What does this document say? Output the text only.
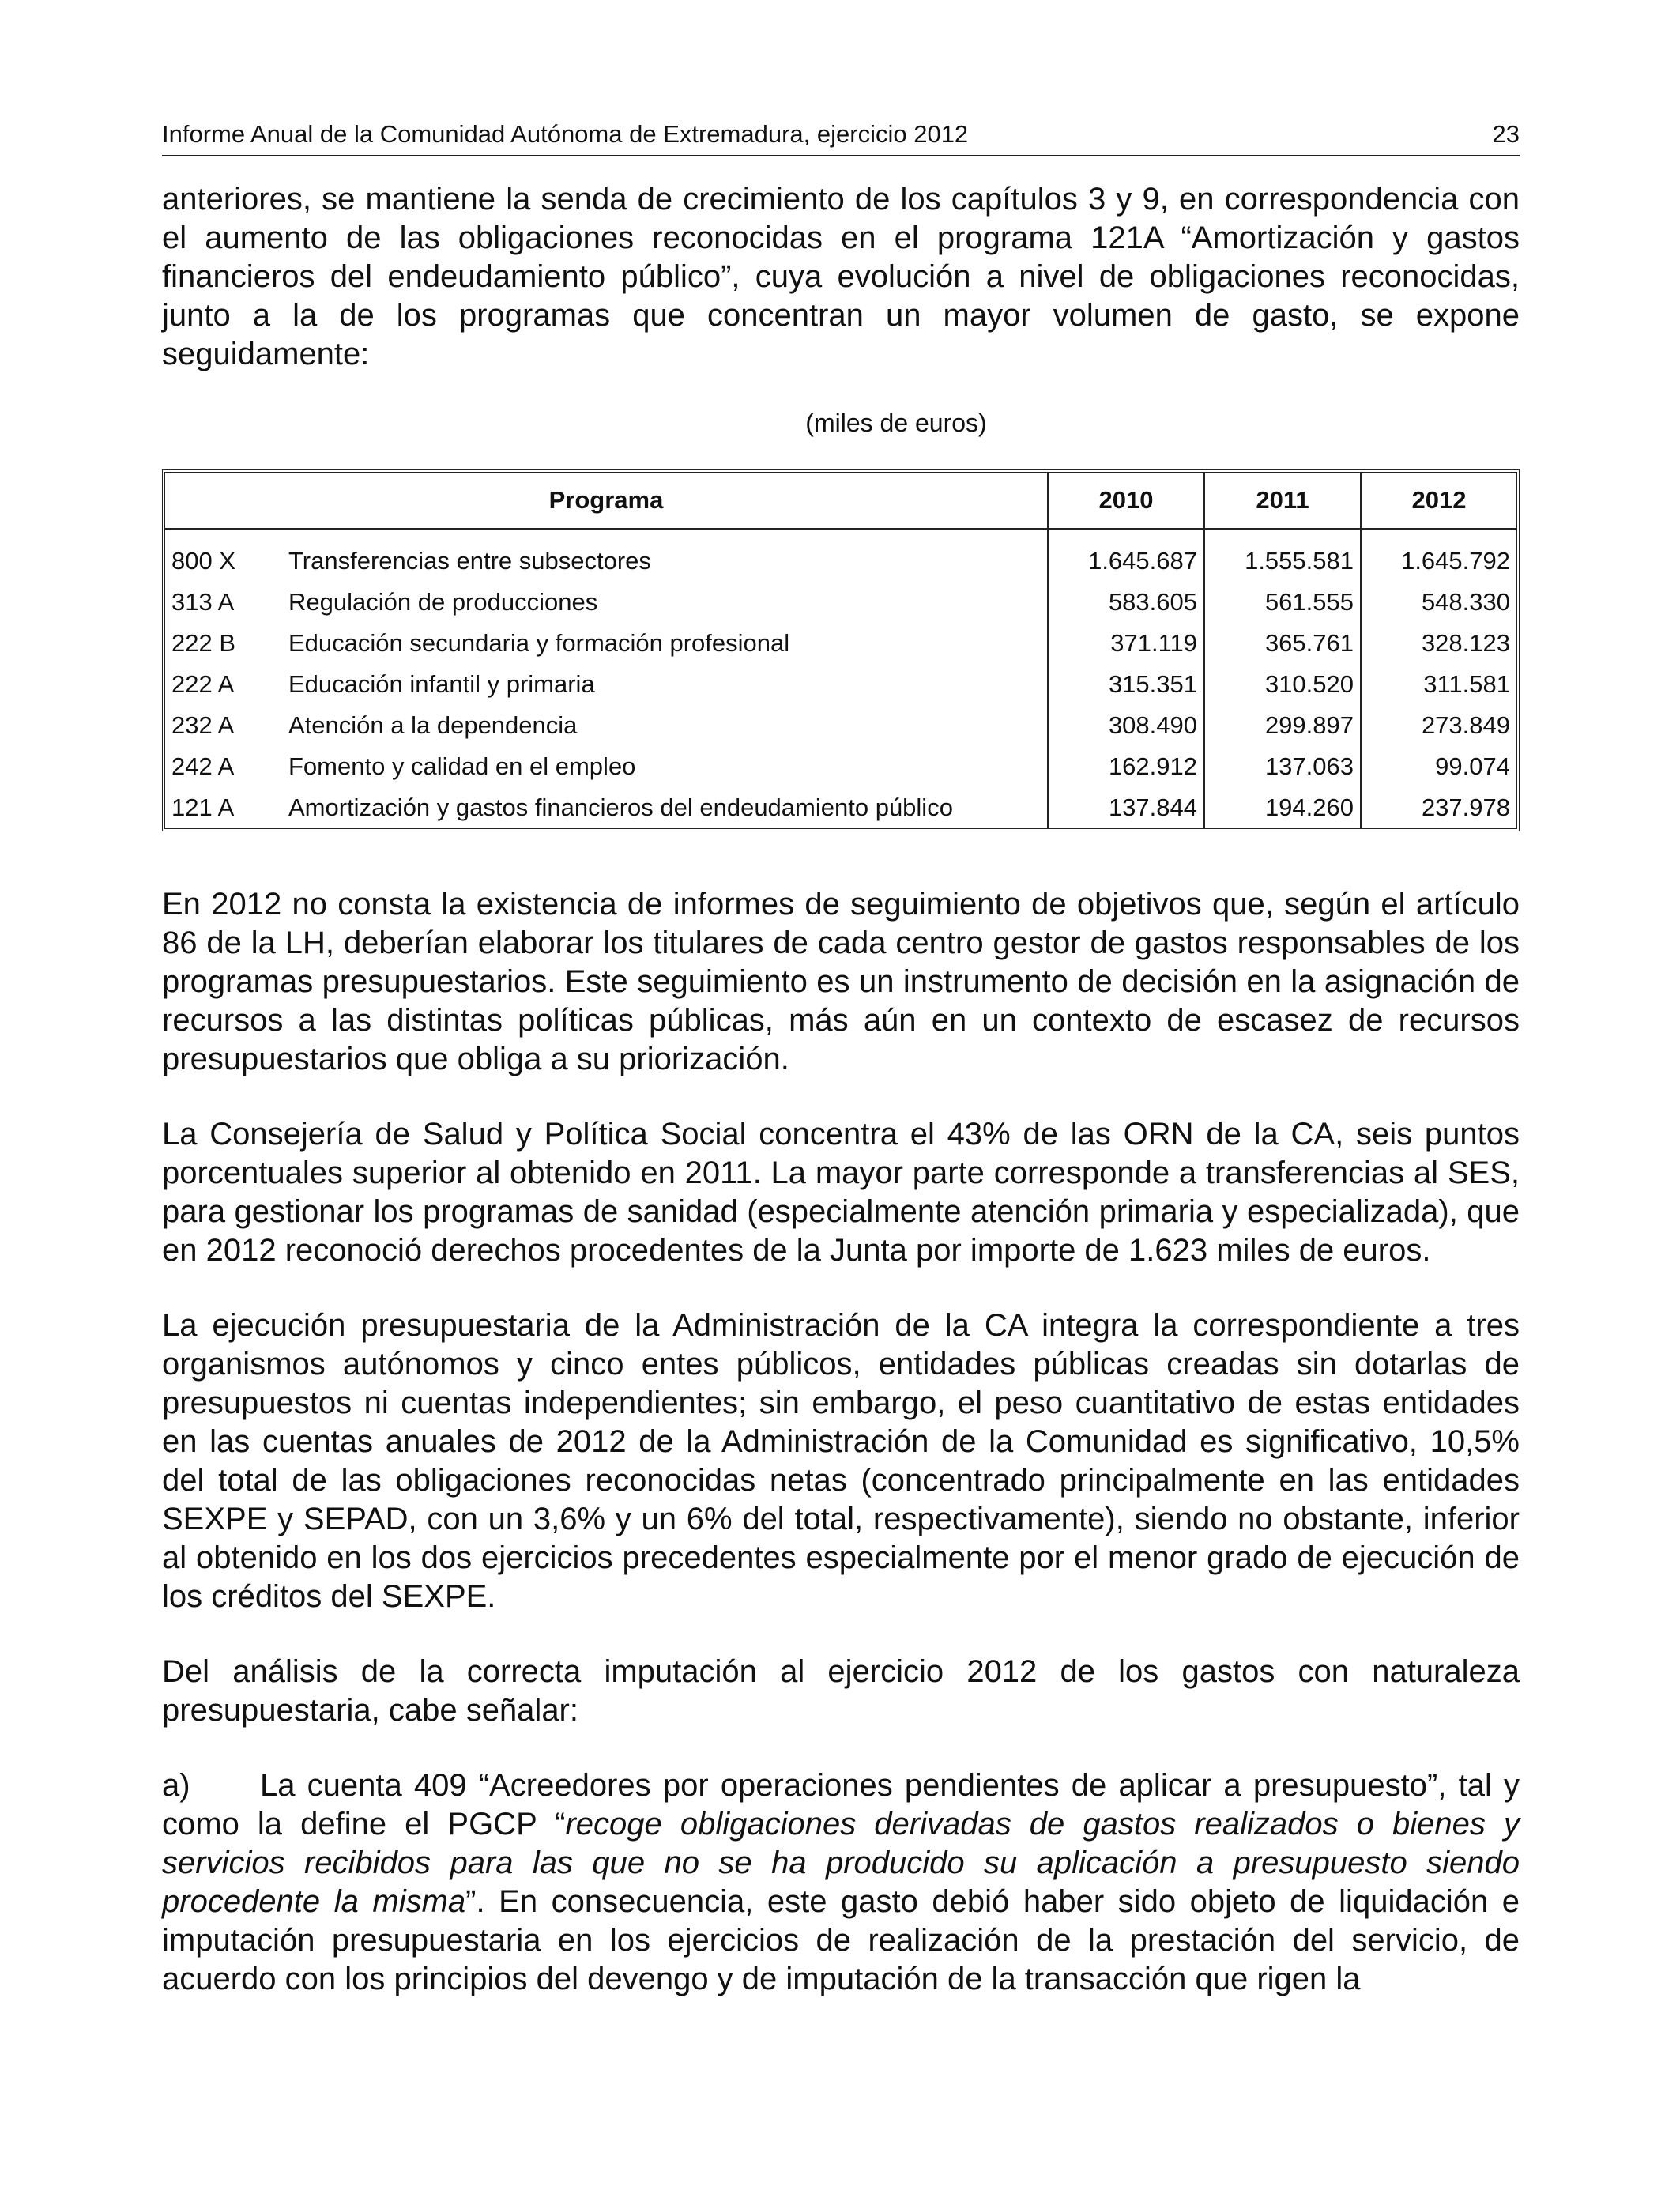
Informe Anual de la Comunidad Autónoma de Extremadura, ejercicio 2012	23

anteriores, se mantiene la senda de crecimiento de los capítulos 3 y 9, en correspondencia con el aumento de las obligaciones reconocidas en el programa 121A “Amortización y gastos financieros del endeudamiento público”, cuya evolución a nivel de obligaciones reconocidas, junto a la de los programas que concentran un mayor volumen de gasto, se expone seguidamente:

(miles de euros)
Programa		2010	2011	2012
800 X	Transferencias entre subsectores	1.645.687	1.555.581	1.645.792
313 A	Regulación de producciones	583.605	561.555	548.330
222 B	Educación secundaria y formación profesional	371.119	365.761	328.123
222 A	Educación infantil y primaria	315.351	310.520	311.581
232 A	Atención a la dependencia	308.490	299.897	273.849
242 A	Fomento y calidad en el empleo	162.912	137.063	99.074
121 A	Amortización y gastos financieros del endeudamiento público	137.844	194.260	237.978

En 2012 no consta la existencia de informes de seguimiento de objetivos que, según el artículo 86 de la LH, deberían elaborar los titulares de cada centro gestor de gastos responsables de los programas presupuestarios. Este seguimiento es un instrumento de decisión en la asignación de recursos a las distintas políticas públicas, más aún en un contexto de escasez de recursos presupuestarios que obliga a su priorización.

La Consejería de Salud y Política Social concentra el 43% de las ORN de la CA, seis puntos porcentuales superior al obtenido en 2011. La mayor parte corresponde a transferencias al SES, para gestionar los programas de sanidad (especialmente atención primaria y especializada), que en 2012 reconoció derechos procedentes de la Junta por importe de 1.623 miles de euros.

La ejecución presupuestaria de la Administración de la CA integra la correspondiente a tres organismos autónomos y cinco entes públicos, entidades públicas creadas sin dotarlas de presupuestos ni cuentas independientes; sin embargo, el peso cuantitativo de estas entidades en las cuentas anuales de 2012 de la Administración de la Comunidad es significativo, 10,5% del total de las obligaciones reconocidas netas (concentrado principalmente en las entidades SEXPE y SEPAD, con un 3,6% y un 6% del total, respectivamente), siendo no obstante, inferior al obtenido en los dos ejercicios precedentes especialmente por el menor grado de ejecución de los créditos del SEXPE.

Del análisis de la correcta imputación al ejercicio 2012 de los gastos con naturaleza presupuestaria, cabe señalar:

a) La cuenta 409 “Acreedores por operaciones pendientes de aplicar a presupuesto”, tal y como la define el PGCP “recoge obligaciones derivadas de gastos realizados o bienes y servicios recibidos para las que no se ha producido su aplicación a presupuesto siendo procedente la misma”. En consecuencia, este gasto debió haber sido objeto de liquidación e imputación presupuestaria en los ejercicios de realización de la prestación del servicio, de acuerdo con los principios del devengo y de imputación de la transacción que rigen la
